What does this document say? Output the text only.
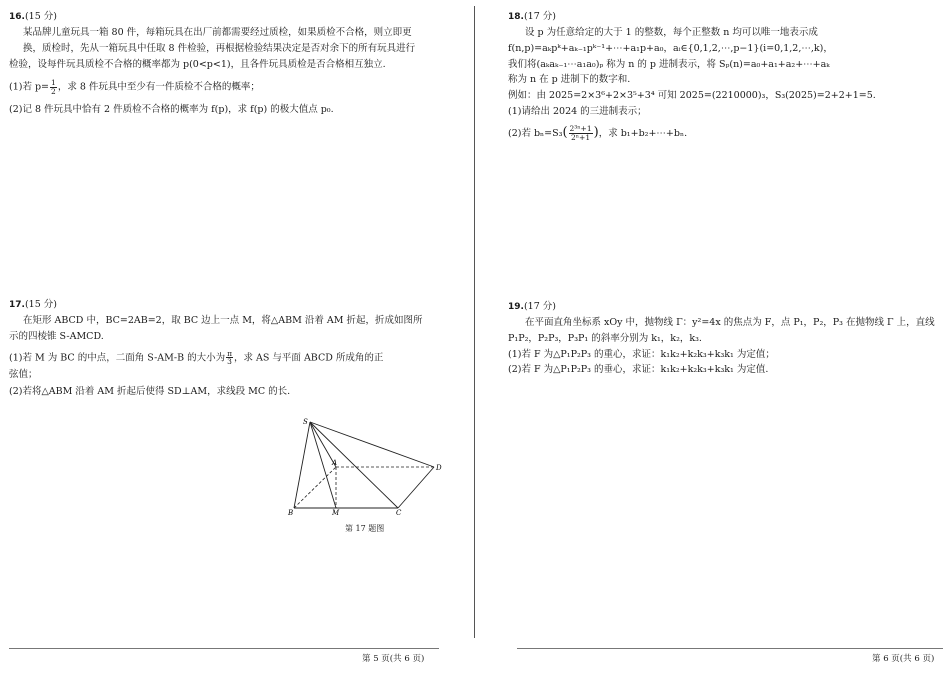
16.(15 分)

某品牌儿童玩具一箱 80 件，每箱玩具在出厂前都需要经过质检，如果质检不合格，则立即更

换，质检时，先从一箱玩具中任取 8 件检验，再根据检验结果决定是否对余下的所有玩具进行

检验，设每件玩具质检不合格的概率都为 p(0<p<1)，且各件玩具质检是否合格相互独立.

(1)若 $p= \frac{1}{2}$ ，求 8 件玩具中至少有一件质检不合格的概率；

(2)记 8 件玩具中恰有 2 件质检不合格的概率为 f(p)，求 f(p) 的极大值点 p₀.

17.(15 分)

在矩形 ABCD 中，BC=2AB=2，取 BC 边上一点 M，将△ABM 沿着 AM 折起，折成如图所

示的四棱锥 S-AMCD.

(1)若 M 为 BC 的中点，二面角 S-AM-B 的大小为 $\frac{\pi}{3}$ ，求 AS 与平面 ABCD 所成角的正

弦值；

(2)若将△ABM 沿着 AM 折起后使得 SD⊥AM，求线段 MC 的长.

S
A
D
B	M	C
第 17 题图
第 5 页(共 6 页)
18.(17 分)

设 p 为任意给定的大于 1 的整数，每个正整数 n 均可以唯一地表示成

f(n,p)=aₖpᵏ+aₖ₋₁pᵏ⁻¹+⋯+a₁p+a₀，aᵢ∈{0,1,2,⋯,p−1}(i=0,1,2,⋯,k)，

我们将(aₖaₖ₋₁⋯a₁a₀)ₚ 称为 n 的 p 进制表示，将 Sₚ(n)=a₀+a₁+a₂+⋯+aₖ

称为 n 在 p 进制下的数字和.

例如：由 2025=2×3⁶+2×3⁵+3⁴ 可知 2025=(2210000)₃，S₃(2025)=2+2+1=5.

(1)请给出 2024 的三进制表示；

(2)若 $b_n=S_3( \frac{\text{2³ⁿ+1}}{\text{2ⁿ+1}}$ )，求 b₁+b₂+⋯+bₙ.

19.(17 分)

在平面直角坐标系 xOy 中，抛物线 Γ：y²=4x 的焦点为 F，点 P₁，P₂，P₃ 在抛物线 Γ 上，直线

P₁P₂，P₂P₃，P₃P₁ 的斜率分别为 k₁，k₂，k₃.

(1)若 F 为△P₁P₂P₃ 的重心，求证：k₁k₂+k₂k₃+k₃k₁ 为定值；

(2)若 F 为△P₁P₂P₃ 的垂心，求证：k₁k₂+k₂k₃+k₃k₁ 为定值.

第 6 页(共 6 页)
